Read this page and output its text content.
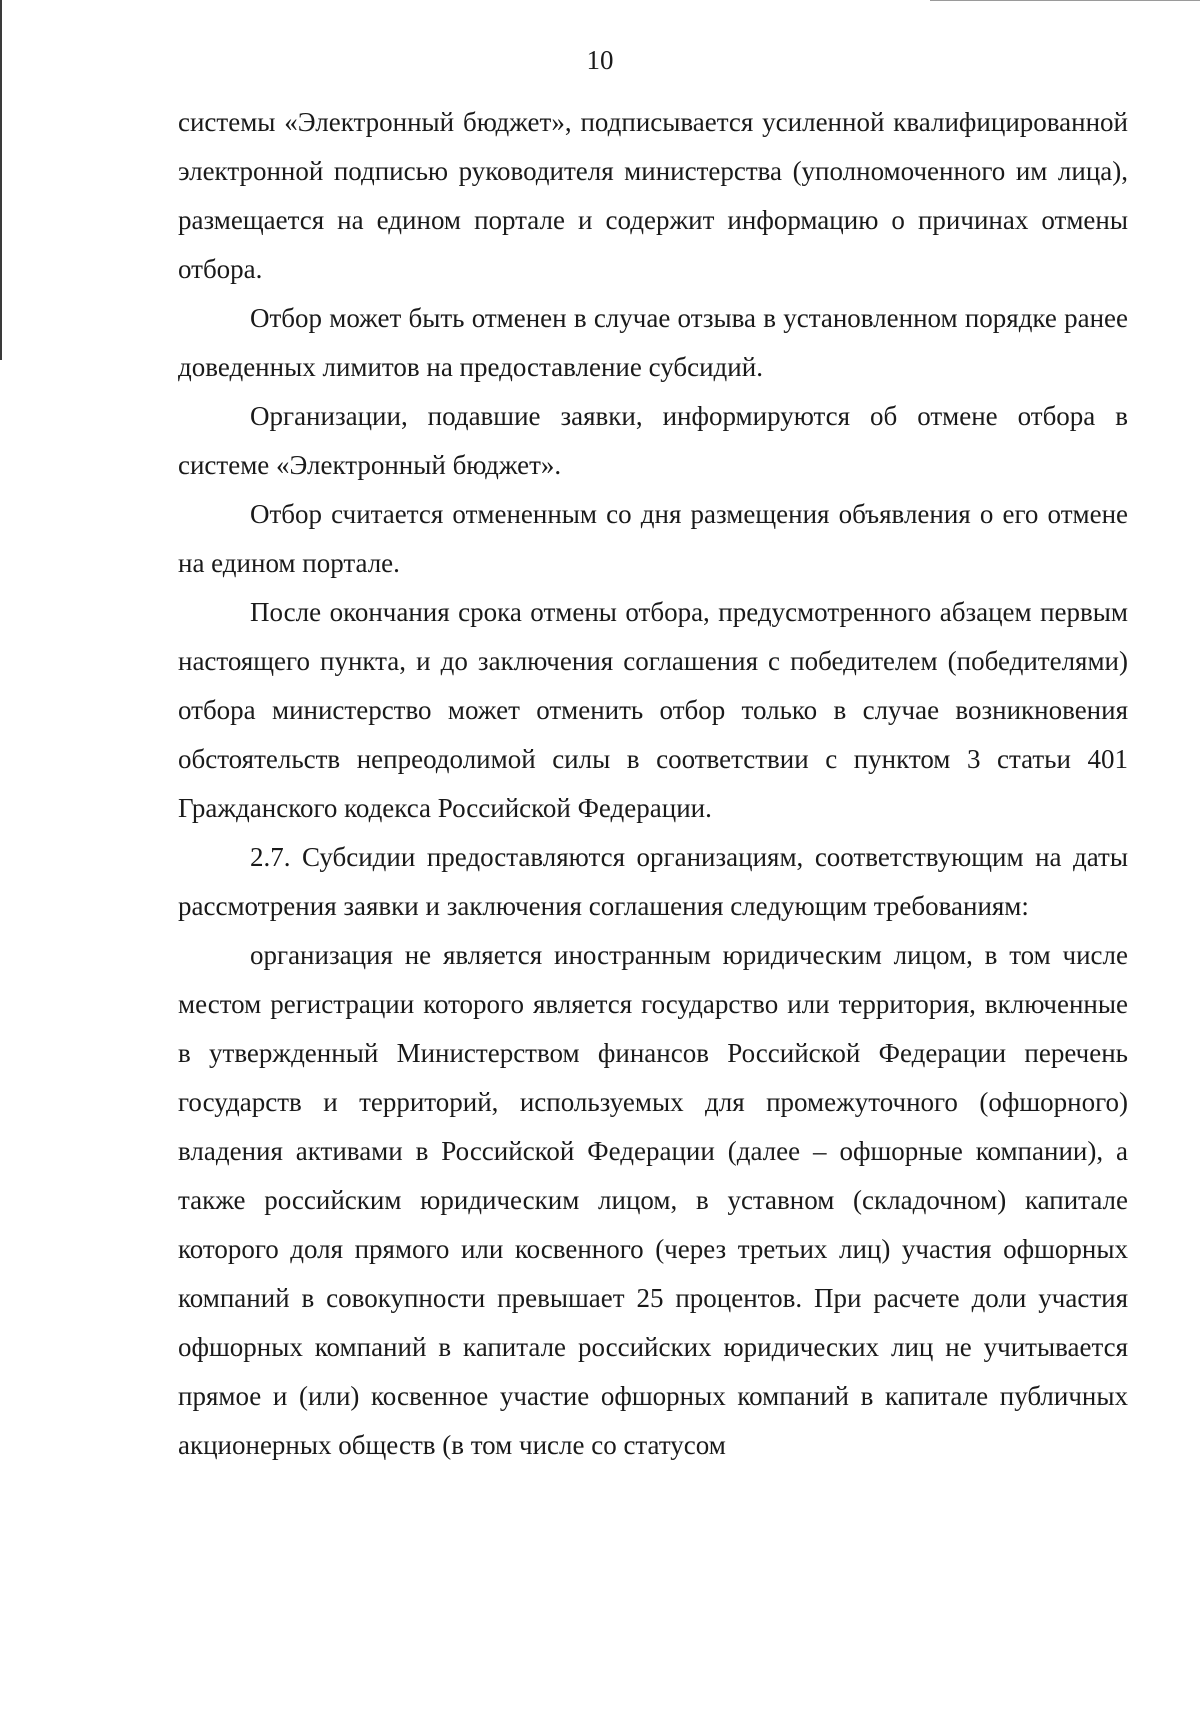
10

системы «Электронный бюджет», подписывается усиленной квалифицированной электронной подписью руководителя министерства (уполномоченного им лица), размещается на едином портале и содержит информацию о причинах отмены отбора.

Отбор может быть отменен в случае отзыва в установленном порядке ранее доведенных лимитов на предоставление субсидий.

Организации, подавшие заявки, информируются об отмене отбора в системе «Электронный бюджет».

Отбор считается отмененным со дня размещения объявления о его отмене на едином портале.

После окончания срока отмены отбора, предусмотренного абзацем первым настоящего пункта, и до заключения соглашения с победителем (победителями) отбора министерство может отменить отбор только в случае возникновения обстоятельств непреодолимой силы в соответствии с пунктом 3 статьи 401 Гражданского кодекса Российской Федерации.

2.7. Субсидии предоставляются организациям, соответствующим на даты рассмотрения заявки и заключения соглашения следующим требованиям:

организация не является иностранным юридическим лицом, в том числе местом регистрации которого является государство или территория, включенные в утвержденный Министерством финансов Российской Федерации перечень государств и территорий, используемых для промежуточного (офшорного) владения активами в Российской Федерации (далее – офшорные компании), а также российским юридическим лицом, в уставном (складочном) капитале которого доля прямого или косвенного (через третьих лиц) участия офшорных компаний в совокупности превышает 25 процентов. При расчете доли участия офшорных компаний в капитале российских юридических лиц не учитывается прямое и (или) косвенное участие офшорных компаний в капитале публичных акционерных обществ (в том числе со статусом
